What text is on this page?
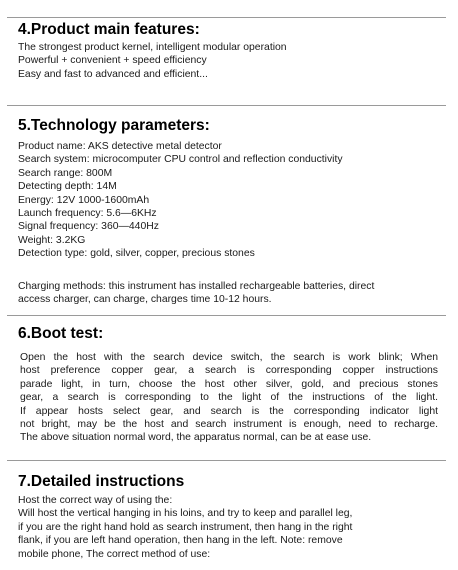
4.Product main features:
The strongest product kernel, intelligent modular operation
Powerful + convenient + speed efficiency
Easy and fast to advanced and efficient...
5.Technology parameters:
Product name: AKS detective metal detector
Search system: microcomputer CPU control and reflection conductivity
Search range: 800M
Detecting depth: 14M
Energy: 12V 1000-1600mAh
Launch frequency: 5.6—6KHz
Signal frequency: 360—440Hz
Weight: 3.2KG
Detection type: gold, silver, copper, precious stones
Charging methods: this instrument has installed rechargeable batteries, direct
access charger, can charge, charges time 10-12 hours.
6.Boot test:
Open the host with the search device switch, the search is work blink; When
host preference copper gear, a search is corresponding copper instructions
parade light, in turn, choose the host other silver, gold, and precious stones
gear, a search is corresponding to the light of the instructions of the light.
If appear hosts select gear, and search is the corresponding indicator light
not bright, may be the host and search instrument is enough, need to recharge.
The above situation normal word, the apparatus normal, can be at ease use.
7.Detailed instructions
Host the correct way of using the:
Will host the vertical hanging in his loins, and try to keep and parallel leg,
if you are the right hand hold as search instrument, then hang in the right
flank, if you are left hand operation, then hang in the left. Note: remove
mobile phone, The correct method of use:
